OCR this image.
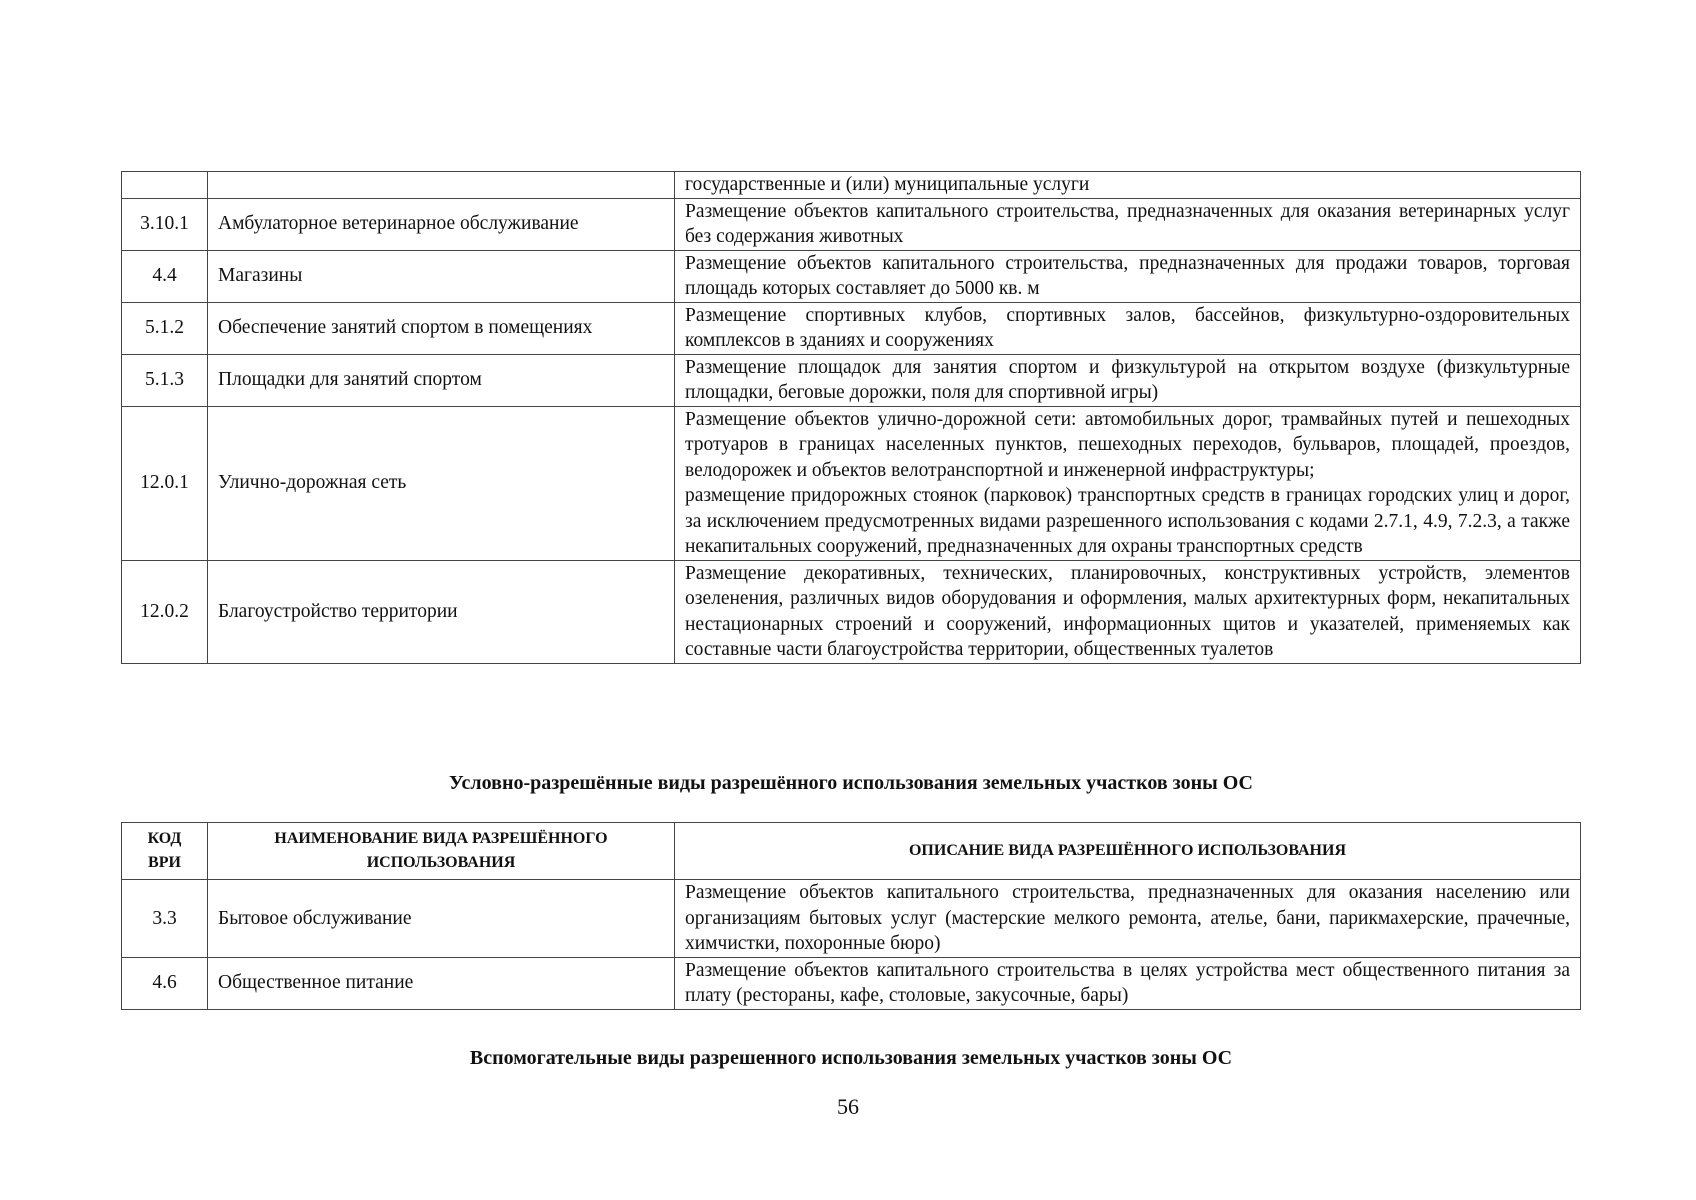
		государственные и (или) муниципальные услуги

3.10.1	Амбулаторное ветеринарное обслуживание	Размещение объектов капитального строительства, предназначенных для оказания ветеринарных услуг без содержания животных

4.4	Магазины	Размещение объектов капитального строительства, предназначенных для продажи товаров, торговая площадь которых составляет до 5000 кв. м

5.1.2	Обеспечение занятий спортом в помещениях	Размещение спортивных клубов, спортивных залов, бассейнов, физкультурно-оздоровительных комплексов в зданиях и сооружениях

5.1.3	Площадки для занятий спортом	Размещение площадок для занятия спортом и физкультурой на открытом воздухе (физкультурные площадки, беговые дорожки, поля для спортивной игры)

12.0.1	Улично-дорожная сеть	Размещение объектов улично-дорожной сети: автомобильных дорог, трамвайных путей и пешеходных тротуаров в границах населенных пунктов, пешеходных переходов, бульваров, площадей, проездов, велодорожек и объектов велотранспортной и инженерной инфраструктуры;
размещение придорожных стоянок (парковок) транспортных средств в границах городских улиц и дорог, за исключением предусмотренных видами разрешенного использования с кодами 2.7.1, 4.9, 7.2.3, а также некапитальных сооружений, предназначенных для охраны транспортных средств

12.0.2	Благоустройство территории	Размещение декоративных, технических, планировочных, конструктивных устройств, элементов озеленения, различных видов оборудования и оформления, малых архитектурных форм, некапитальных нестационарных строений и сооружений, информационных щитов и указателей, применяемых как составные части благоустройства территории, общественных туалетов

Условно-разрешённые виды разрешённого использования земельных участков зоны ОС

КОД ВРИ	НАИМЕНОВАНИЕ ВИДА РАЗРЕШЁННОГО ИСПОЛЬЗОВАНИЯ	ОПИСАНИЕ ВИДА РАЗРЕШЁННОГО ИСПОЛЬЗОВАНИЯ
3.3	Бытовое обслуживание	Размещение объектов капитального строительства, предназначенных для оказания населению или организациям бытовых услуг (мастерские мелкого ремонта, ателье, бани, парикмахерские, прачечные, химчистки, похоронные бюро)

4.6	Общественное питание	Размещение объектов капитального строительства в целях устройства мест общественного питания за плату (рестораны, кафе, столовые, закусочные, бары)

Вспомогательные виды разрешенного использования земельных участков зоны ОС

56
